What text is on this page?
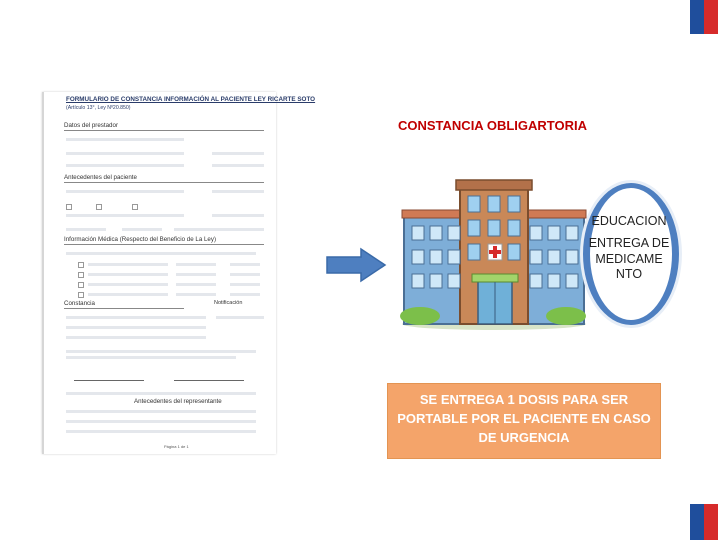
FORMULARIO DE CONSTANCIA INFORMACIÓN AL PACIENTE LEY RICARTE SOTO
(Artículo 13°, Ley Nº20.850)
Datos del prestador
Antecedentes del paciente
Información Médica (Respecto del Beneficio de La Ley)
Constancia	Notificación
Antecedentes del representante
Página 1 de 1
CONSTANCIA OBLIGARTORIA
EDUCACION
ENTREGA DE MEDICAME NTO
SE ENTREGA 1 DOSIS PARA SER PORTABLE POR EL PACIENTE EN CASO DE URGENCIA
